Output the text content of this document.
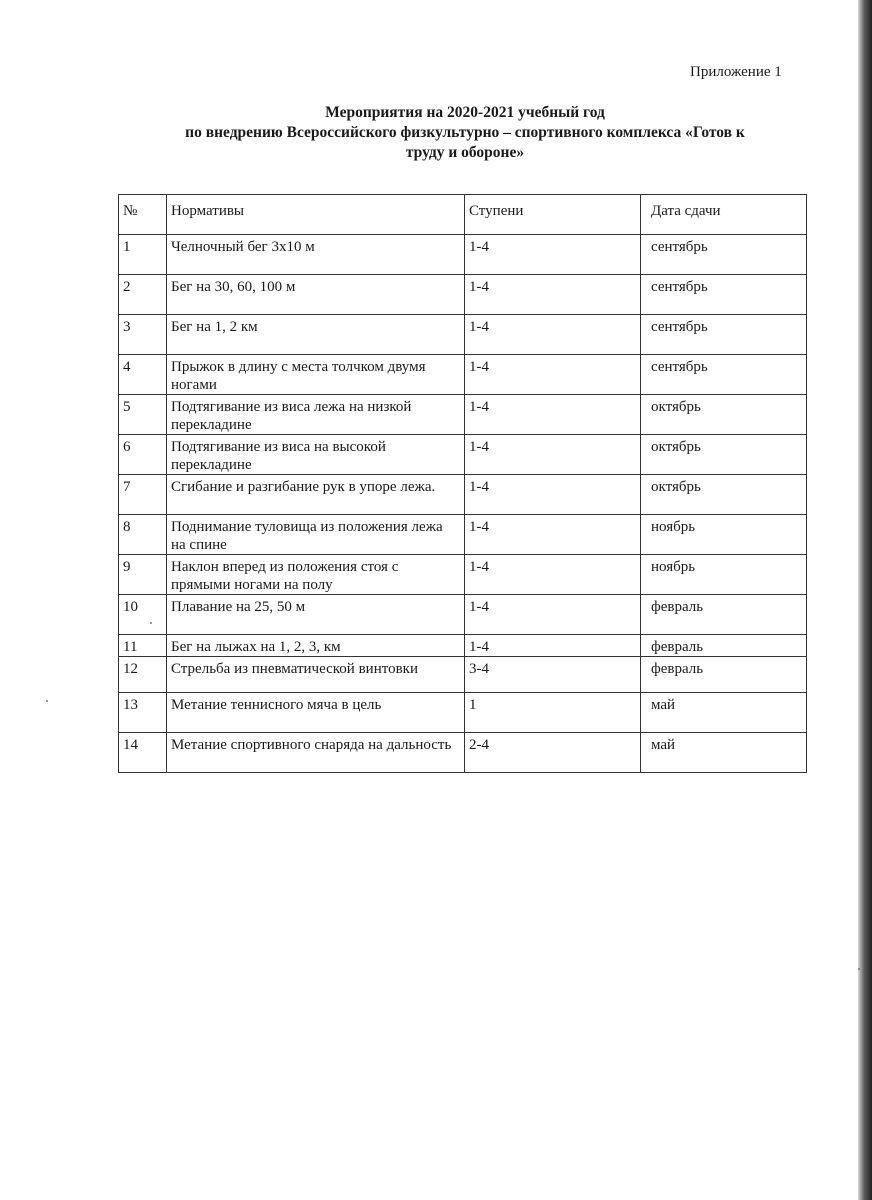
Приложение 1
Мероприятия на 2020-2021 учебный год
по внедрению Всероссийского физкультурно – спортивного комплекса «Готов к
труду и обороне»
№	Нормативы	Ступени	Дата сдачи
1	Челночный бег 3х10 м	1-4	сентябрь
2	Бег на 30, 60, 100 м	1-4	сентябрь
3	Бег на 1, 2 км	1-4	сентябрь
4	Прыжок в длину с места толчком двумя ногами	1-4	сентябрь
5	Подтягивание из виса лежа на низкой перекладине	1-4	октябрь
6	Подтягивание из виса на высокой перекладине	1-4	октябрь
7	Сгибание и разгибание рук в упоре лежа.	1-4	октябрь
8	Поднимание туловища из положения лежа на спине	1-4	ноябрь
9	Наклон вперед из положения стоя с прямыми ногами на полу	1-4	ноябрь
10	Плавание на 25, 50 м	1-4	февраль
11	Бег на лыжах на 1, 2, 3, км	1-4	февраль
12	Стрельба из пневматической винтовки	3-4	февраль
13	Метание теннисного мяча в цель	1	май
14	Метание спортивного снаряда на дальность	2-4	май
